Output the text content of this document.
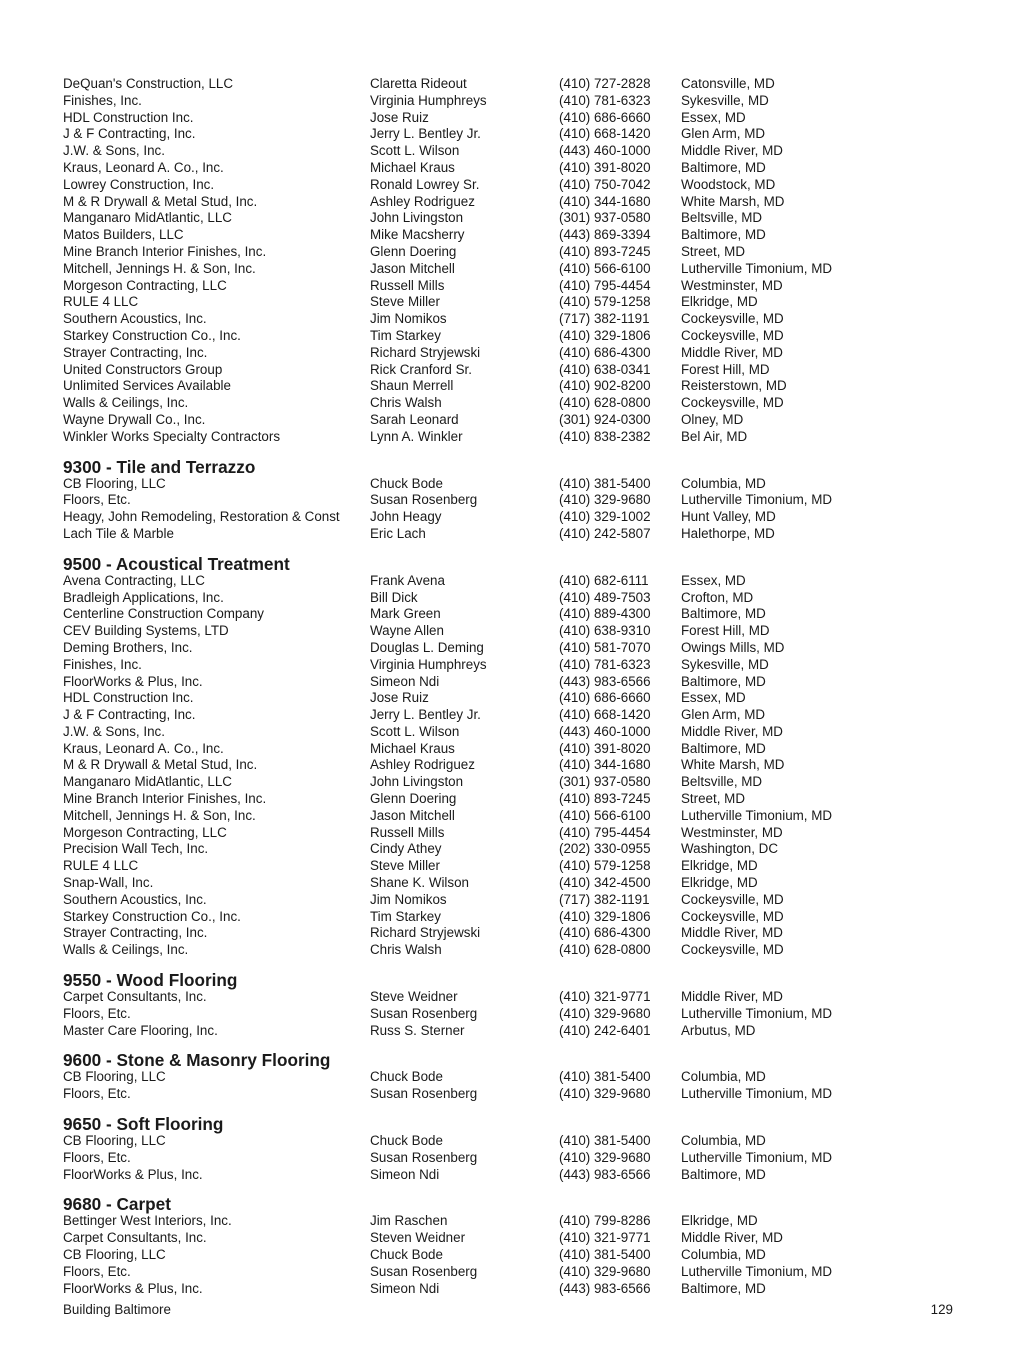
DeQuan's Construction, LLC	Claretta Rideout	(410) 727-2828 Catonsville, MD
Finishes, Inc.	Virginia Humphreys	(410) 781-6323 Sykesville, MD
HDL Construction Inc.	Jose Ruiz	(410) 686-6660 Essex, MD
J & F Contracting, Inc.	Jerry L. Bentley Jr.	(410) 668-1420 Glen Arm, MD
J.W. & Sons, Inc.	Scott L. Wilson	(443) 460-1000 Middle River, MD
Kraus, Leonard A. Co., Inc.	Michael Kraus	(410) 391-8020 Baltimore, MD
Lowrey Construction, Inc.	Ronald Lowrey Sr.	(410) 750-7042 Woodstock, MD
M & R Drywall & Metal Stud, Inc.	Ashley Rodriguez	(410) 344-1680 White Marsh, MD
Manganaro MidAtlantic, LLC	John Livingston	(301) 937-0580 Beltsville, MD
Matos Builders, LLC	Mike Macsherry	(443) 869-3394 Baltimore, MD
Mine Branch Interior Finishes, Inc.	Glenn Doering	(410) 893-7245 Street, MD
Mitchell, Jennings H. & Son, Inc.	Jason Mitchell	(410) 566-6100 Lutherville Timonium, MD
Morgeson Contracting, LLC	Russell Mills	(410) 795-4454 Westminster, MD
RULE 4 LLC	Steve Miller	(410) 579-1258 Elkridge, MD
Southern Acoustics, Inc.	Jim Nomikos	(717) 382-1191 Cockeysville, MD
Starkey Construction Co., Inc.	Tim Starkey	(410) 329-1806 Cockeysville, MD
Strayer Contracting, Inc.	Richard Stryjewski	(410) 686-4300 Middle River, MD
United Constructors Group	Rick Cranford Sr.	(410) 638-0341 Forest Hill, MD
Unlimited Services Available	Shaun Merrell	(410) 902-8200 Reisterstown, MD
Walls & Ceilings, Inc.	Chris Walsh	(410) 628-0800 Cockeysville, MD
Wayne Drywall Co., Inc.	Sarah Leonard	(301) 924-0300 Olney, MD
Winkler Works Specialty Contractors	Lynn A. Winkler	(410) 838-2382 Bel Air, MD
9300 - Tile and Terrazzo
CB Flooring, LLC	Chuck Bode	(410) 381-5400 Columbia, MD
Floors, Etc.	Susan Rosenberg	(410) 329-9680 Lutherville Timonium, MD
Heagy, John Remodeling, Restoration & Const John Heagy	(410) 329-1002 Hunt Valley, MD
Lach Tile & Marble	Eric Lach	(410) 242-5807 Halethorpe, MD
9500 - Acoustical Treatment
Avena Contracting, LLC	Frank Avena	(410) 682-6111 Essex, MD
Bradleigh Applications, Inc.	Bill Dick	(410) 489-7503 Crofton, MD
Centerline Construction Company	Mark Green	(410) 889-4300 Baltimore, MD
CEV Building Systems, LTD	Wayne Allen	(410) 638-9310 Forest Hill, MD
Deming Brothers, Inc.	Douglas L. Deming	(410) 581-7070 Owings Mills, MD
Finishes, Inc.	Virginia Humphreys	(410) 781-6323 Sykesville, MD
FloorWorks & Plus, Inc.	Simeon Ndi	(443) 983-6566 Baltimore, MD
HDL Construction Inc.	Jose Ruiz	(410) 686-6660 Essex, MD
J & F Contracting, Inc.	Jerry L. Bentley Jr.	(410) 668-1420 Glen Arm, MD
J.W. & Sons, Inc.	Scott L. Wilson	(443) 460-1000 Middle River, MD
Kraus, Leonard A. Co., Inc.	Michael Kraus	(410) 391-8020 Baltimore, MD
M & R Drywall & Metal Stud, Inc.	Ashley Rodriguez	(410) 344-1680 White Marsh, MD
Manganaro MidAtlantic, LLC	John Livingston	(301) 937-0580 Beltsville, MD
Mine Branch Interior Finishes, Inc.	Glenn Doering	(410) 893-7245 Street, MD
Mitchell, Jennings H. & Son, Inc.	Jason Mitchell	(410) 566-6100 Lutherville Timonium, MD
Morgeson Contracting, LLC	Russell Mills	(410) 795-4454 Westminster, MD
Precision Wall Tech, Inc.	Cindy Athey	(202) 330-0955 Washington, DC
RULE 4 LLC	Steve Miller	(410) 579-1258 Elkridge, MD
Snap-Wall, Inc.	Shane K. Wilson	(410) 342-4500 Elkridge, MD
Southern Acoustics, Inc.	Jim Nomikos	(717) 382-1191 Cockeysville, MD
Starkey Construction Co., Inc.	Tim Starkey	(410) 329-1806 Cockeysville, MD
Strayer Contracting, Inc.	Richard Stryjewski	(410) 686-4300 Middle River, MD
Walls & Ceilings, Inc.	Chris Walsh	(410) 628-0800 Cockeysville, MD
9550 - Wood Flooring
Carpet Consultants, Inc.	Steve Weidner	(410) 321-9771 Middle River, MD
Floors, Etc.	Susan Rosenberg	(410) 329-9680 Lutherville Timonium, MD
Master Care Flooring, Inc.	Russ S. Sterner	(410) 242-6401 Arbutus, MD
9600 - Stone & Masonry Flooring
CB Flooring, LLC	Chuck Bode	(410) 381-5400 Columbia, MD
Floors, Etc.	Susan Rosenberg	(410) 329-9680 Lutherville Timonium, MD
9650 - Soft Flooring
CB Flooring, LLC	Chuck Bode	(410) 381-5400 Columbia, MD
Floors, Etc.	Susan Rosenberg	(410) 329-9680 Lutherville Timonium, MD
FloorWorks & Plus, Inc.	Simeon Ndi	(443) 983-6566 Baltimore, MD
9680 - Carpet
Bettinger West Interiors, Inc.	Jim Raschen	(410) 799-8286 Elkridge, MD
Carpet Consultants, Inc.	Steven Weidner	(410) 321-9771 Middle River, MD
CB Flooring, LLC	Chuck Bode	(410) 381-5400 Columbia, MD
Floors, Etc.	Susan Rosenberg	(410) 329-9680 Lutherville Timonium, MD
FloorWorks & Plus, Inc.	Simeon Ndi	(443) 983-6566 Baltimore, MD
Building Baltimore	129
